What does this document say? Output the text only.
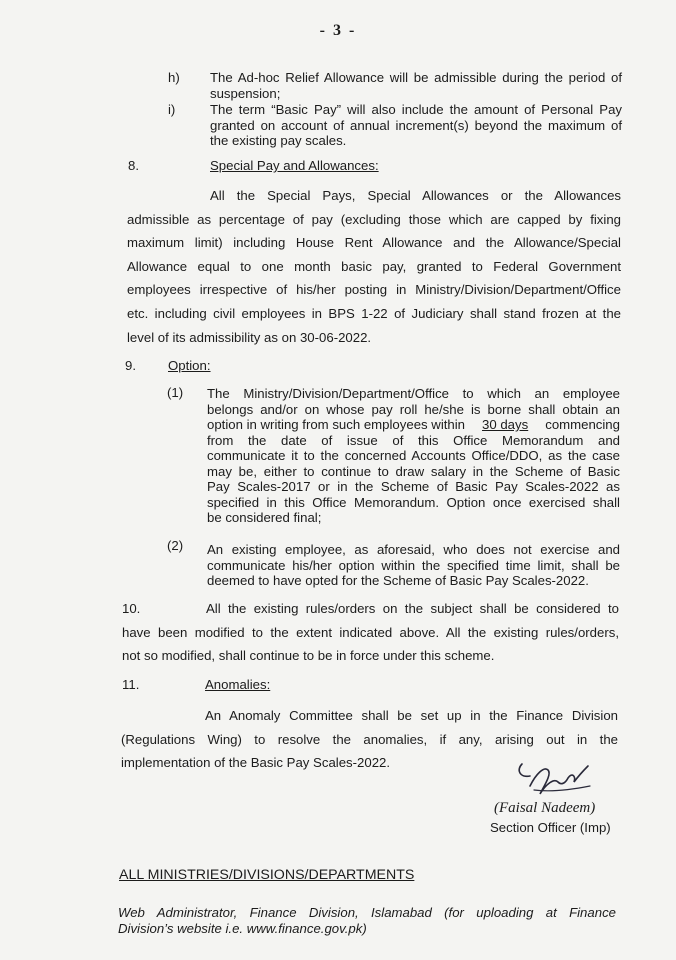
- 3 -
h) The Ad-hoc Relief Allowance will be admissible during the period of
suspension;
i)	The term “Basic Pay” will also include the amount of Personal Pay
granted on account of annual increment(s) beyond the maximum of
the existing pay scales.
8.	Special Pay and Allowances:
All the Special Pays, Special Allowances or the Allowances
admissible as percentage of pay (excluding those which are capped by fixing
maximum limit) including House Rent Allowance and the Allowance/Special
Allowance equal to one month basic pay, granted to Federal Government
employees irrespective of his/her posting in Ministry/Division/Department/Office
etc. including civil employees in BPS 1-22 of Judiciary shall stand frozen at the
level of its admissibility as on 30-06-2022.
9. Option:
(1) The Ministry/Division/Department/Office to which an employee
belongs and/or on whose pay roll he/she is borne shall obtain an
option in writing from such employees within 30 days commencing
from the date of issue of this Office Memorandum and
communicate it to the concerned Accounts Office/DDO, as the case
may be, either to continue to draw salary in the Scheme of Basic
Pay Scales-2017 or in the Scheme of Basic Pay Scales-2022 as
specified in this Office Memorandum. Option once exercised shall
be considered final;
(2) An existing employee, as aforesaid, who does not exercise and
communicate his/her option within the specified time limit, shall be
deemed to have opted for the Scheme of Basic Pay Scales-2022.
10.	All the existing rules/orders on the subject shall be considered to
have been modified to the extent indicated above. All the existing rules/orders,
not so modified, shall continue to be in force under this scheme.
11.	Anomalies:
An Anomaly Committee shall be set up in the Finance Division
(Regulations Wing) to resolve the anomalies, if any, arising out in the
implementation of the Basic Pay Scales-2022.
(Faisal Nadeem)
Section Officer (Imp)
ALL MINISTRIES/DIVISIONS/DEPARTMENTS
Web Administrator, Finance Division, Islamabad (for uploading at Finance
Division’s website i.e. www.finance.gov.pk)
